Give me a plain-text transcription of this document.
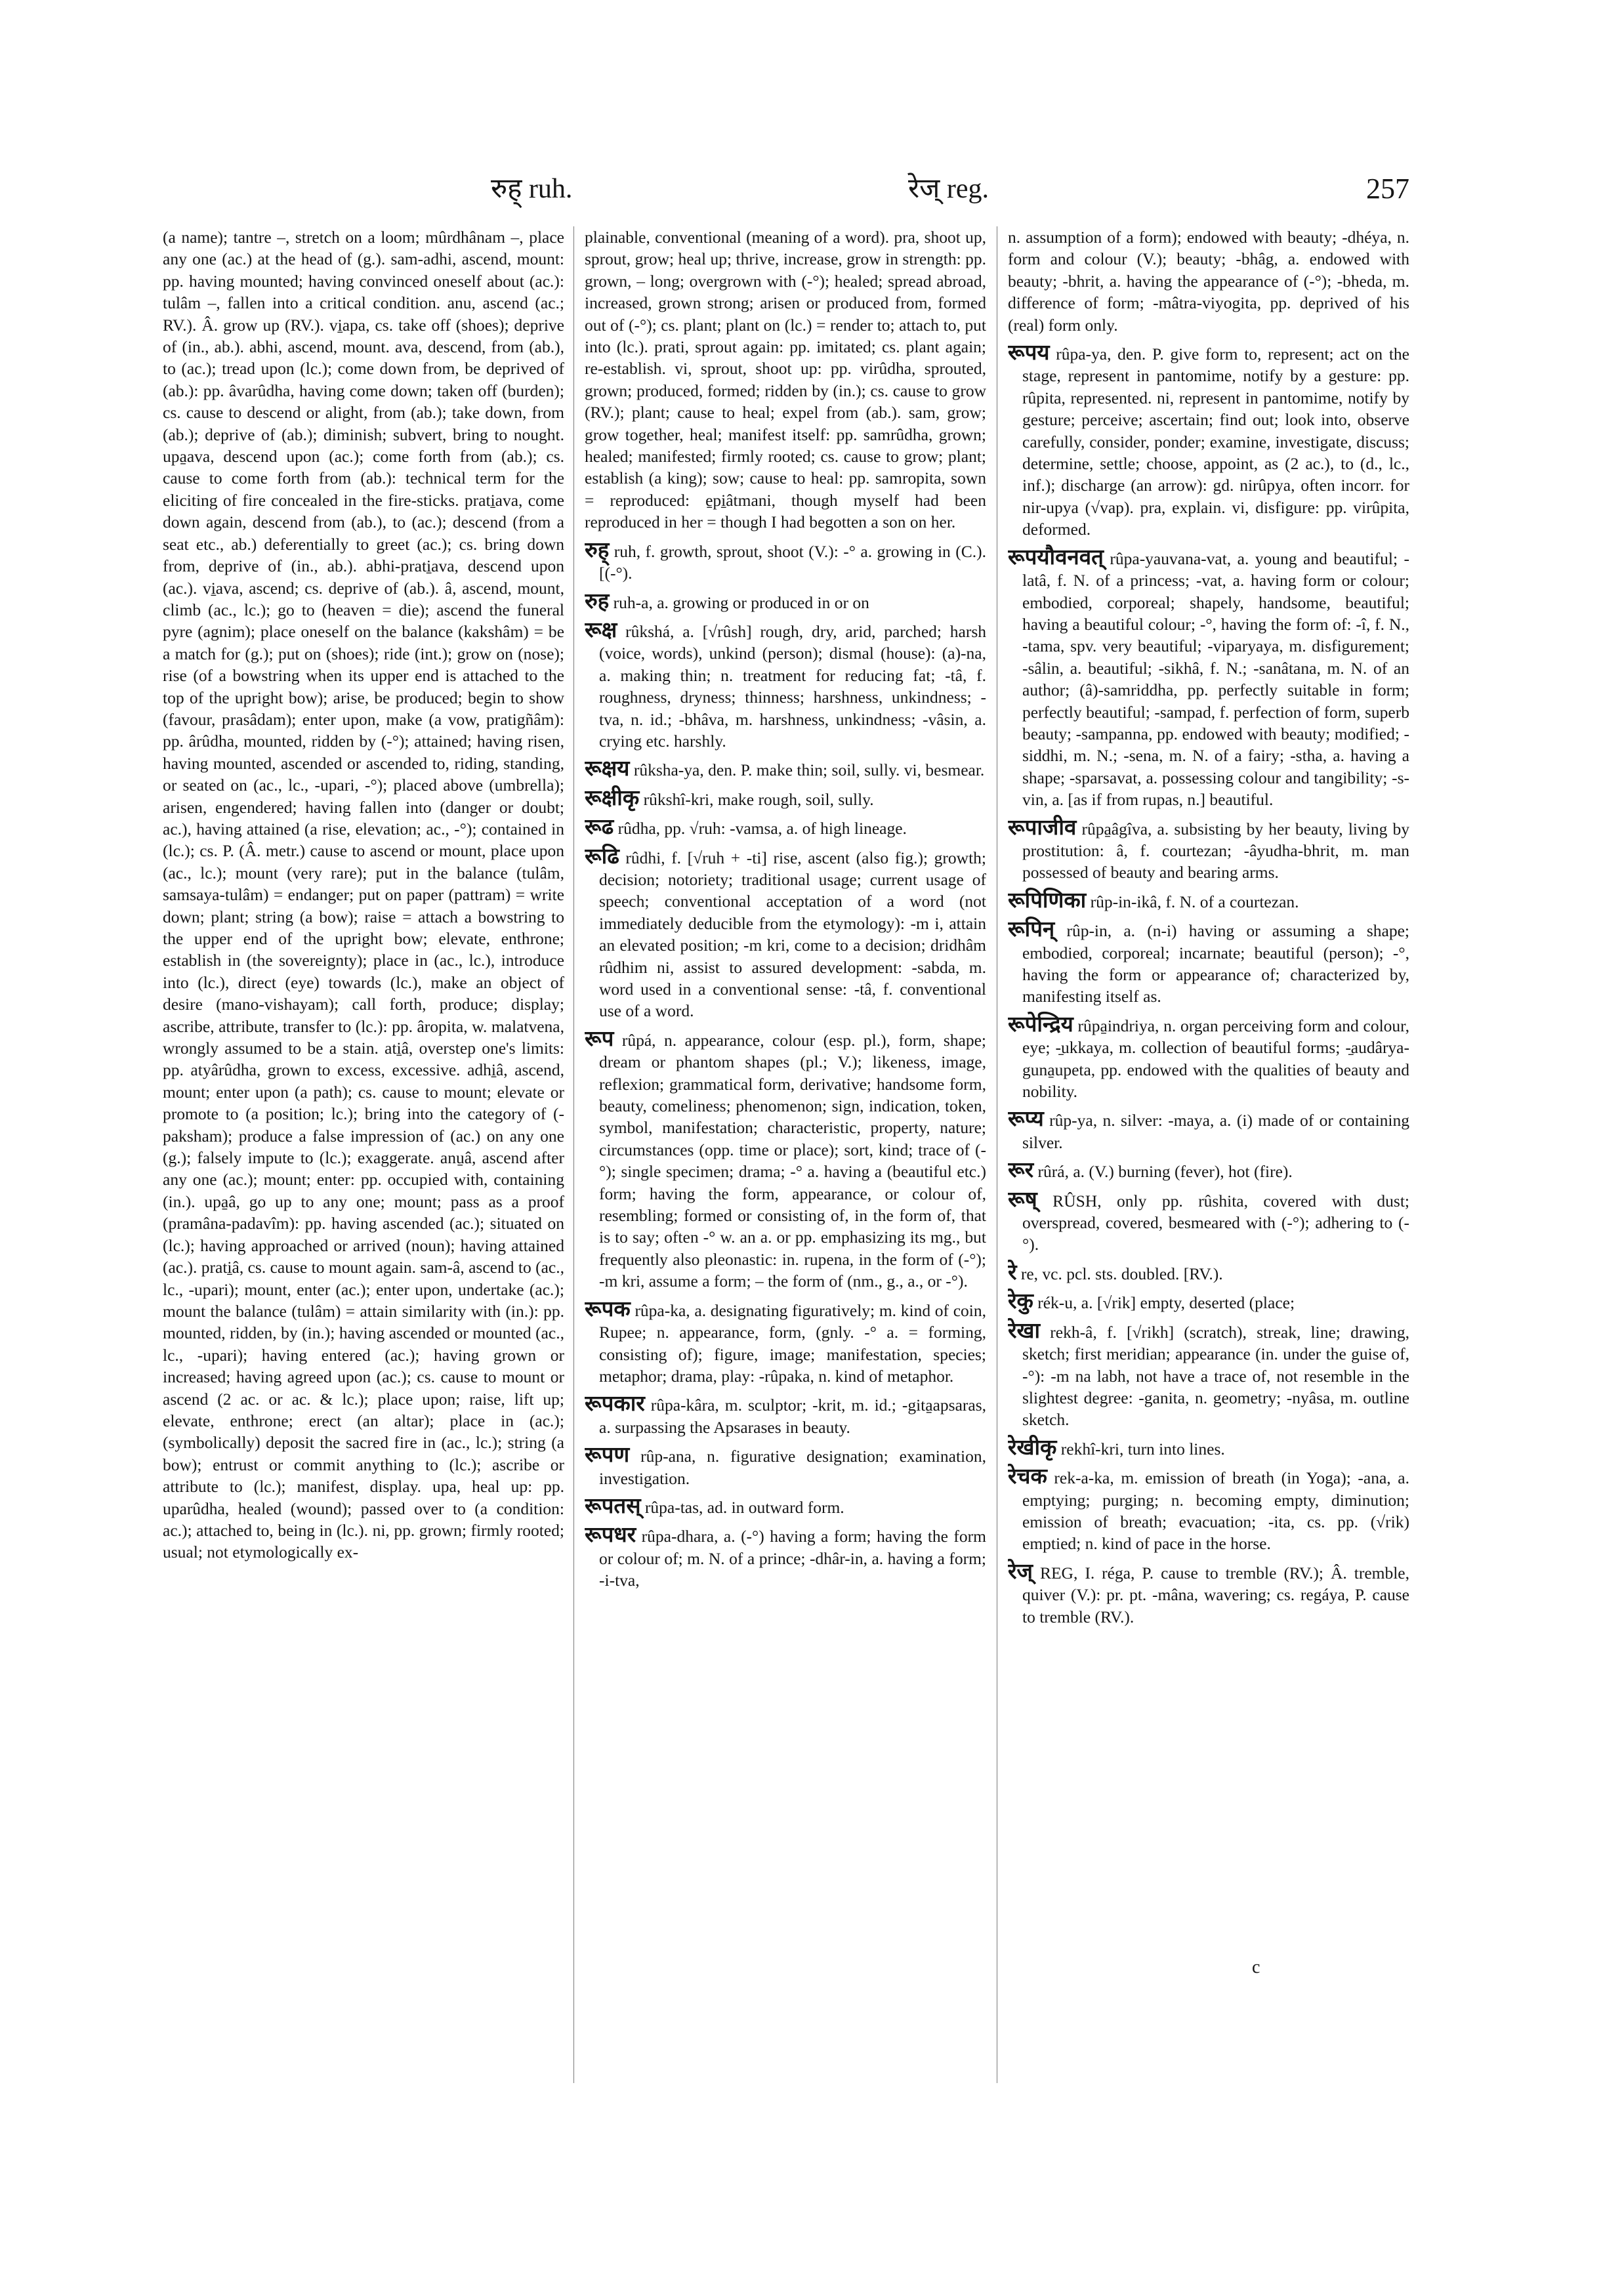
रुह् ruh.	रेज् reg.	257

(a name); tantre –, stretch on a loom; mûrdhânam –, place any one (ac.) at the head of (g.). sam-adhi, ascend, mount: pp. having mounted; having convinced oneself about (ac.): tulâm –, fallen into a critical condition. anu, ascend (ac.; RV.). Â. grow up (RV.). vi̱apa, cs. take off (shoes); deprive of (in., ab.). abhi, ascend, mount. ava, descend, from (ab.), to (ac.); tread upon (lc.); come down from, be deprived of (ab.): pp. âvarûdha, having come down; taken off (burden); cs. cause to descend or alight, from (ab.); take down, from (ab.); deprive of (ab.); diminish; subvert, bring to nought. upa̱ava, descend upon (ac.); come forth from (ab.); cs. cause to come forth from (ab.): technical term for the eliciting of fire concealed in the fire-sticks. prati̱ava, come down again, descend from (ab.), to (ac.); descend (from a seat etc., ab.) deferentially to greet (ac.); cs. bring down from, deprive of (in., ab.). abhi-prati̱ava, descend upon (ac.). vi̱ava, ascend; cs. deprive of (ab.). â, ascend, mount, climb (ac., lc.); go to (heaven = die); ascend the funeral pyre (agnim); place oneself on the balance (kakshâm) = be a match for (g.); put on (shoes); ride (int.); grow on (nose); rise (of a bowstring when its upper end is attached to the top of the upright bow); arise, be produced; begin to show (favour, prasâdam); enter upon, make (a vow, pratigñâm): pp. ârûdha, mounted, ridden by (-°); attained; having risen, having mounted, ascended or ascended to, riding, standing, or seated on (ac., lc., -upari, -°); placed above (umbrella); arisen, engendered; having fallen into (danger or doubt; ac.), having attained (a rise, elevation; ac., -°); contained in (lc.); cs. P. (Â. metr.) cause to ascend or mount, place upon (ac., lc.); mount (very rare); put in the balance (tulâm, samsaya-tulâm) = endanger; put on paper (pattram) = write down; plant; string (a bow); raise = attach a bowstring to the upper end of the upright bow; elevate, enthrone; establish in (the sovereignty); place in (ac., lc.), introduce into (lc.), direct (eye) towards (lc.), make an object of desire (mano-vishayam); call forth, produce; display; ascribe, attribute, transfer to (lc.): pp. âropita, w. malatvena, wrongly assumed to be a stain. ati̱â, overstep one's limits: pp. atyârûdha, grown to excess, excessive. adhi̱â, ascend, mount; enter upon (a path); cs. cause to mount; elevate or promote to (a position; lc.); bring into the category of (-paksham); produce a false impression of (ac.) on any one (g.); falsely impute to (lc.); exaggerate. anu̱â, ascend after any one (ac.); mount; enter: pp. occupied with, containing (in.). upa̱â, go up to any one; mount; pass as a proof (pramâna-padavîm): pp. having ascended (ac.); situated on (lc.); having approached or arrived (noun); having attained (ac.). prati̱â, cs. cause to mount again. sam-â, ascend to (ac., lc., -upari); mount, enter (ac.); enter upon, undertake (ac.); mount the balance (tulâm) = attain similarity with (in.): pp. mounted, ridden, by (in.); having ascended or mounted (ac., lc., -upari); having entered (ac.); having grown or increased; having agreed upon (ac.); cs. cause to mount or ascend (2 ac. or ac. & lc.); place upon; raise, lift up; elevate, enthrone; erect (an altar); place in (ac.); (symbolically) deposit the sacred fire in (ac., lc.); string (a bow); entrust or commit anything to (lc.); ascribe or attribute to (lc.); manifest, display. upa, heal up: pp. uparûdha, healed (wound); passed over to (a condition: ac.); attached to, being in (lc.). ni, pp. grown; firmly rooted; usual; not etymologically ex-

plainable, conventional (meaning of a word). pra, shoot up, sprout, grow; heal up; thrive, increase, grow in strength: pp. grown, – long; overgrown with (-°); healed; spread abroad, increased, grown strong; arisen or produced from, formed out of (-°); cs. plant; plant on (lc.) = render to; attach to, put into (lc.). prati, sprout again: pp. imitated; cs. plant again; re-establish. vi, sprout, shoot up: pp. virûdha, sprouted, grown; produced, formed; ridden by (in.); cs. cause to grow (RV.); plant; cause to heal; expel from (ab.). sam, grow; grow together, heal; manifest itself: pp. samrûdha, grown; healed; manifested; firmly rooted; cs. cause to grow; plant; establish (a king); sow; cause to heal: pp. samropita, sown = reproduced: e̱pi̱âtmani, though myself had been reproduced in her = though I had begotten a son on her.

रुह् ruh, f. growth, sprout, shoot (V.): -° a. growing in (C.). [(-°).

रुह ruh-a, a. growing or produced in or on

रूक्ष rûkshá, a. [√rûsh] rough, dry, arid, parched; harsh (voice, words), unkind (person); dismal (house): (a)-na, a. making thin; n. treatment for reducing fat; -tâ, f. roughness, dryness; thinness; harshness, unkindness; -tva, n. id.; -bhâva, m. harshness, unkindness; -vâsin, a. crying etc. harshly.

रूक्षय rûksha-ya, den. P. make thin; soil, sully. vi, besmear.

रूक्षीकृ rûkshî-kri, make rough, soil, sully.

रूढ rûdha, pp. √ruh: -vamsa, a. of high lineage.

रूढि rûdhi, f. [√ruh + -ti] rise, ascent (also fig.); growth; decision; notoriety; traditional usage; current usage of speech; conventional acceptation of a word (not immediately deducible from the etymology): -m i, attain an elevated position; -m kri, come to a decision; dridhâm rûdhim ni, assist to assured development: -sabda, m. word used in a conventional sense: -tâ, f. conventional use of a word.

रूप rûpá, n. appearance, colour (esp. pl.), form, shape; dream or phantom shapes (pl.; V.); likeness, image, reflexion; grammatical form, derivative; handsome form, beauty, comeliness; phenomenon; sign, indication, token, symbol, manifestation; characteristic, property, nature; circumstances (opp. time or place); sort, kind; trace of (-°); single specimen; drama; -° a. having a (beautiful etc.) form; having the form, appearance, or colour of, resembling; formed or consisting of, in the form of, that is to say; often -° w. an a. or pp. emphasizing its mg., but frequently also pleonastic: in. rupena, in the form of (-°); -m kri, assume a form; – the form of (nm., g., a., or -°).

रूपक rûpa-ka, a. designating figuratively; m. kind of coin, Rupee; n. appearance, form, (gnly. -° a. = forming, consisting of); figure, image; manifestation, species; metaphor; drama, play: -rûpaka, n. kind of metaphor.

रूपकार rûpa-kâra, m. sculptor; -krit, m. id.; -gita̱apsaras, a. surpassing the Apsarases in beauty.

रूपण rûp-ana, n. figurative designation; examination, investigation.

रूपतस् rûpa-tas, ad. in outward form.

रूपधर rûpa-dhara, a. (-°) having a form; having the form or colour of; m. N. of a prince; -dhâr-in, a. having a form; -i-tva,

n. assumption of a form); endowed with beauty; -dhéya, n. form and colour (V.); beauty; -bhâg, a. endowed with beauty; -bhrit, a. having the appearance of (-°); -bheda, m. difference of form; -mâtra-viyogita, pp. deprived of his (real) form only.

रूपय rûpa-ya, den. P. give form to, represent; act on the stage, represent in pantomime, notify by a gesture: pp. rûpita, represented. ni, represent in pantomime, notify by gesture; perceive; ascertain; find out; look into, observe carefully, consider, ponder; examine, investigate, discuss; determine, settle; choose, appoint, as (2 ac.), to (d., lc., inf.); discharge (an arrow): gd. nirûpya, often incorr. for nir-upya (√vap). pra, explain. vi, disfigure: pp. virûpita, deformed.

रूपयौवनवत् rûpa-yauvana-vat, a. young and beautiful; -latâ, f. N. of a princess; -vat, a. having form or colour; embodied, corporeal; shapely, handsome, beautiful; having a beautiful colour; -°, having the form of: -î, f. N., -tama, spv. very beautiful; -viparyaya, m. disfigurement; -sâlin, a. beautiful; -sikhâ, f. N.; -sanâtana, m. N. of an author; (â)-samriddha, pp. perfectly suitable in form; perfectly beautiful; -sampad, f. perfection of form, superb beauty; -sampanna, pp. endowed with beauty; modified; -siddhi, m. N.; -sena, m. N. of a fairy; -stha, a. having a shape; -sparsavat, a. possessing colour and tangibility; -s-vin, a. [as if from rupas, n.] beautiful.

रूपाजीव rûpa̱âgîva, a. subsisting by her beauty, living by prostitution: â, f. courtezan; -âyudha-bhrit, m. man possessed of beauty and bearing arms.

रूपिणिका rûp-in-ikâ, f. N. of a courtezan.

रूपिन् rûp-in, a. (n-i) having or assuming a shape; embodied, corporeal; incarnate; beautiful (person); -°, having the form or appearance of; characterized by, manifesting itself as.

रूपेन्द्रिय rûpa̱indriya, n. organ perceiving form and colour, eye; -̱ukkaya, m. collection of beautiful forms; -̱audârya-guna̱upeta, pp. endowed with the qualities of beauty and nobility.

रूप्य rûp-ya, n. silver: -maya, a. (i) made of or containing silver.

रूर rûrá, a. (V.) burning (fever), hot (fire).

रूष् RÛSH, only pp. rûshita, covered with dust; overspread, covered, besmeared with (-°); adhering to (-°).

रे re, vc. pcl. sts. doubled. [RV.).

रेकु rék-u, a. [√rik] empty, deserted (place;

रेखा rekh-â, f. [√rikh] (scratch), streak, line; drawing, sketch; first meridian; appearance (in. under the guise of, -°): -m na labh, not have a trace of, not resemble in the slightest degree: -ganita, n. geometry; -nyâsa, m. outline sketch.

रेखीकृ rekhî-kri, turn into lines.

रेचक rek-a-ka, m. emission of breath (in Yoga); -ana, a. emptying; purging; n. becoming empty, diminution; emission of breath; evacuation; -ita, cs. pp. (√rik) emptied; n. kind of pace in the horse.

रेज् REG, I. réga, P. cause to tremble (RV.); Â. tremble, quiver (V.): pr. pt. -mâna, wavering; cs. regáya, P. cause to tremble (RV.).

c
